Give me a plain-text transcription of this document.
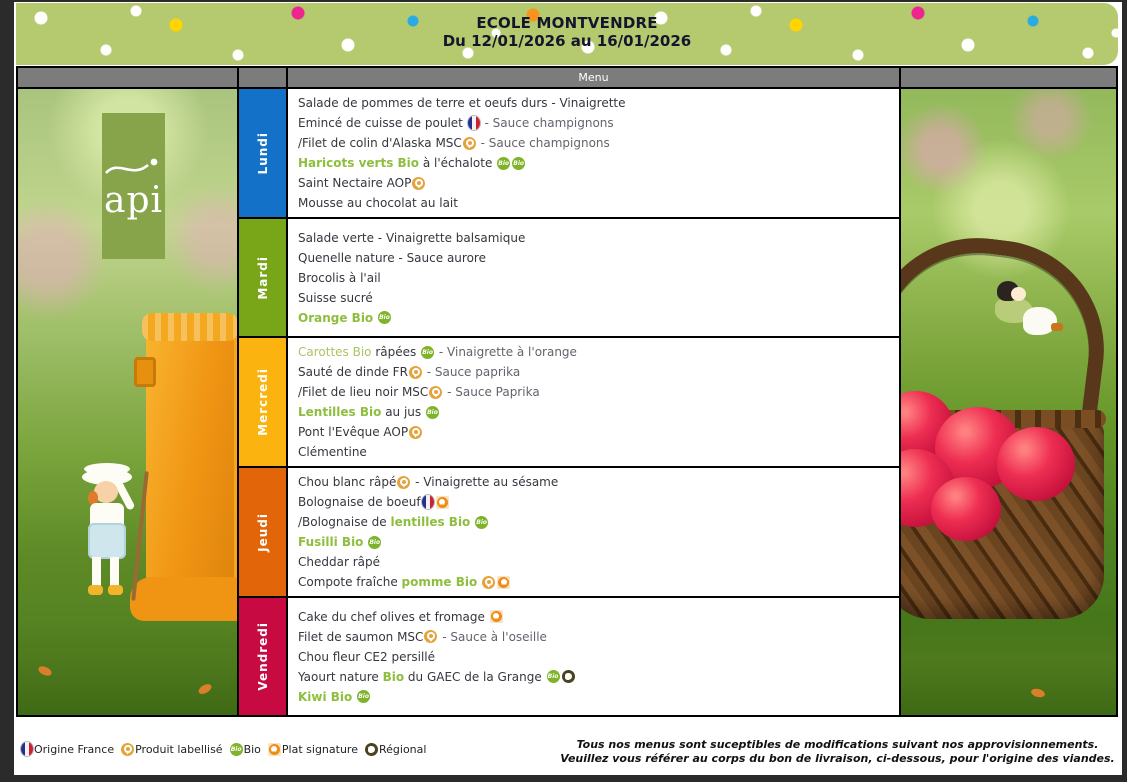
ECOLE MONTVENDRE
Du 12/01/2026 au 16/01/2026
Menu
api
Lundi
Salade de pommes de terre et oeufs durs - Vinaigrette
Emincé de cuisse de poulet - Sauce champignons
/Filet de colin d'Alaska MSC - Sauce champignons
Haricots verts Bio à l'échalote
Bio
Bio
Saint Nectaire AOP
Mousse au chocolat au lait
Mardi
Salade verte - Vinaigrette balsamique
Quenelle nature - Sauce aurore
Brocolis à l'ail
Suisse sucré
Orange Bio

Bio
Mercredi
Carottes Bio râpées Bio - Vinaigrette à l'orange
Sauté de dinde FR - Sauce paprika
/Filet de lieu noir MSC - Sauce Paprika
Lentilles Bio au jus
Bio
Pont l'Evêque AOP
Clémentine
Jeudi
Chou blanc râpé - Vinaigrette au sésame
Bolognaise de boeuf
/Bolognaise de lentilles Bio

Bio
Fusilli Bio

Bio
Cheddar râpé
Compote fraîche pomme Bio

Vendredi
Cake du chef olives et fromage
Filet de saumon MSC - Sauce à l'oseille
Chou fleur CE2 persillé
Yaourt nature Bio du GAEC de la Grange
Bio
Kiwi Bio

Bio
Origine France Produit labellisé Bio Bio Plat signature Régional	Tous nos menus sont suceptibles de modifications suivant nos approvisionnements.
Veuillez vous référer au corps du bon de livraison, ci-dessous, pour l'origine des viandes.
